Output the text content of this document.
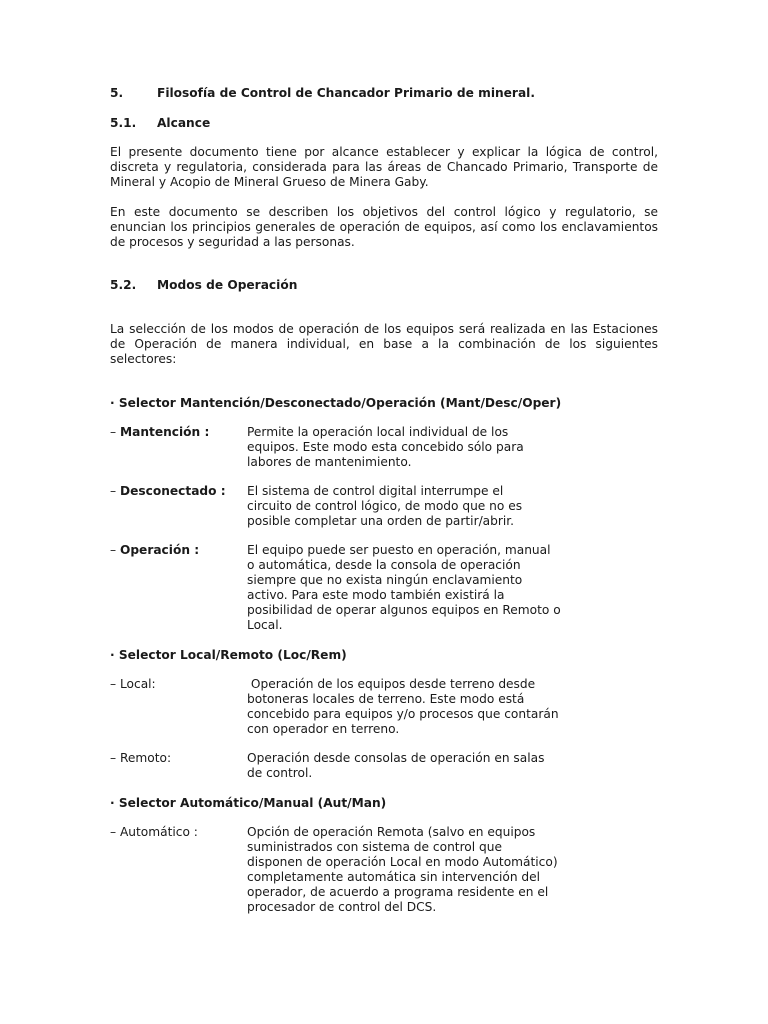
5.	Filosofía de Control de Chancador Primario de mineral.
5.1. Alcance
El presente documento tiene por alcance establecer y explicar la lógica de control, discreta y regulatoria, considerada para las áreas de Chancado Primario, Transporte de Mineral y Acopio de Mineral Grueso de Minera Gaby.
En este documento se describen los objetivos del control lógico y regulatorio, se enuncian los principios generales de operación de equipos, así como los enclavamientos de procesos y seguridad a las personas.
5.2. Modos de Operación
La selección de los modos de operación de los equipos será realizada en las Estaciones de Operación de manera individual, en base a la combinación de los siguientes selectores:
· Selector Mantención/Desconectado/Operación (Mant/Desc/Oper)
– Mantención :	Permite la operación local individual de los
equipos. Este modo esta concebido sólo para
labores de mantenimiento.
– Desconectado :	El sistema de control digital interrumpe el
circuito de control lógico, de modo que no es
posible completar una orden de partir/abrir.
– Operación :	El equipo puede ser puesto en operación, manual
o automática, desde la consola de operación
siempre que no exista ningún enclavamiento
activo. Para este modo también existirá la
posibilidad de operar algunos equipos en Remoto o
Local.
· Selector Local/Remoto (Loc/Rem)
– Local:	Operación de los equipos desde terreno desde
botoneras locales de terreno. Este modo está
concebido para equipos y/o procesos que contarán
con operador en terreno.
– Remoto:	Operación desde consolas de operación en salas
de control.
· Selector Automático/Manual (Aut/Man)
– Automático :	Opción de operación Remota (salvo en equipos
suministrados con sistema de control que
disponen de operación Local en modo Automático)
completamente automática sin intervención del
operador, de acuerdo a programa residente en el
procesador de control del DCS.
